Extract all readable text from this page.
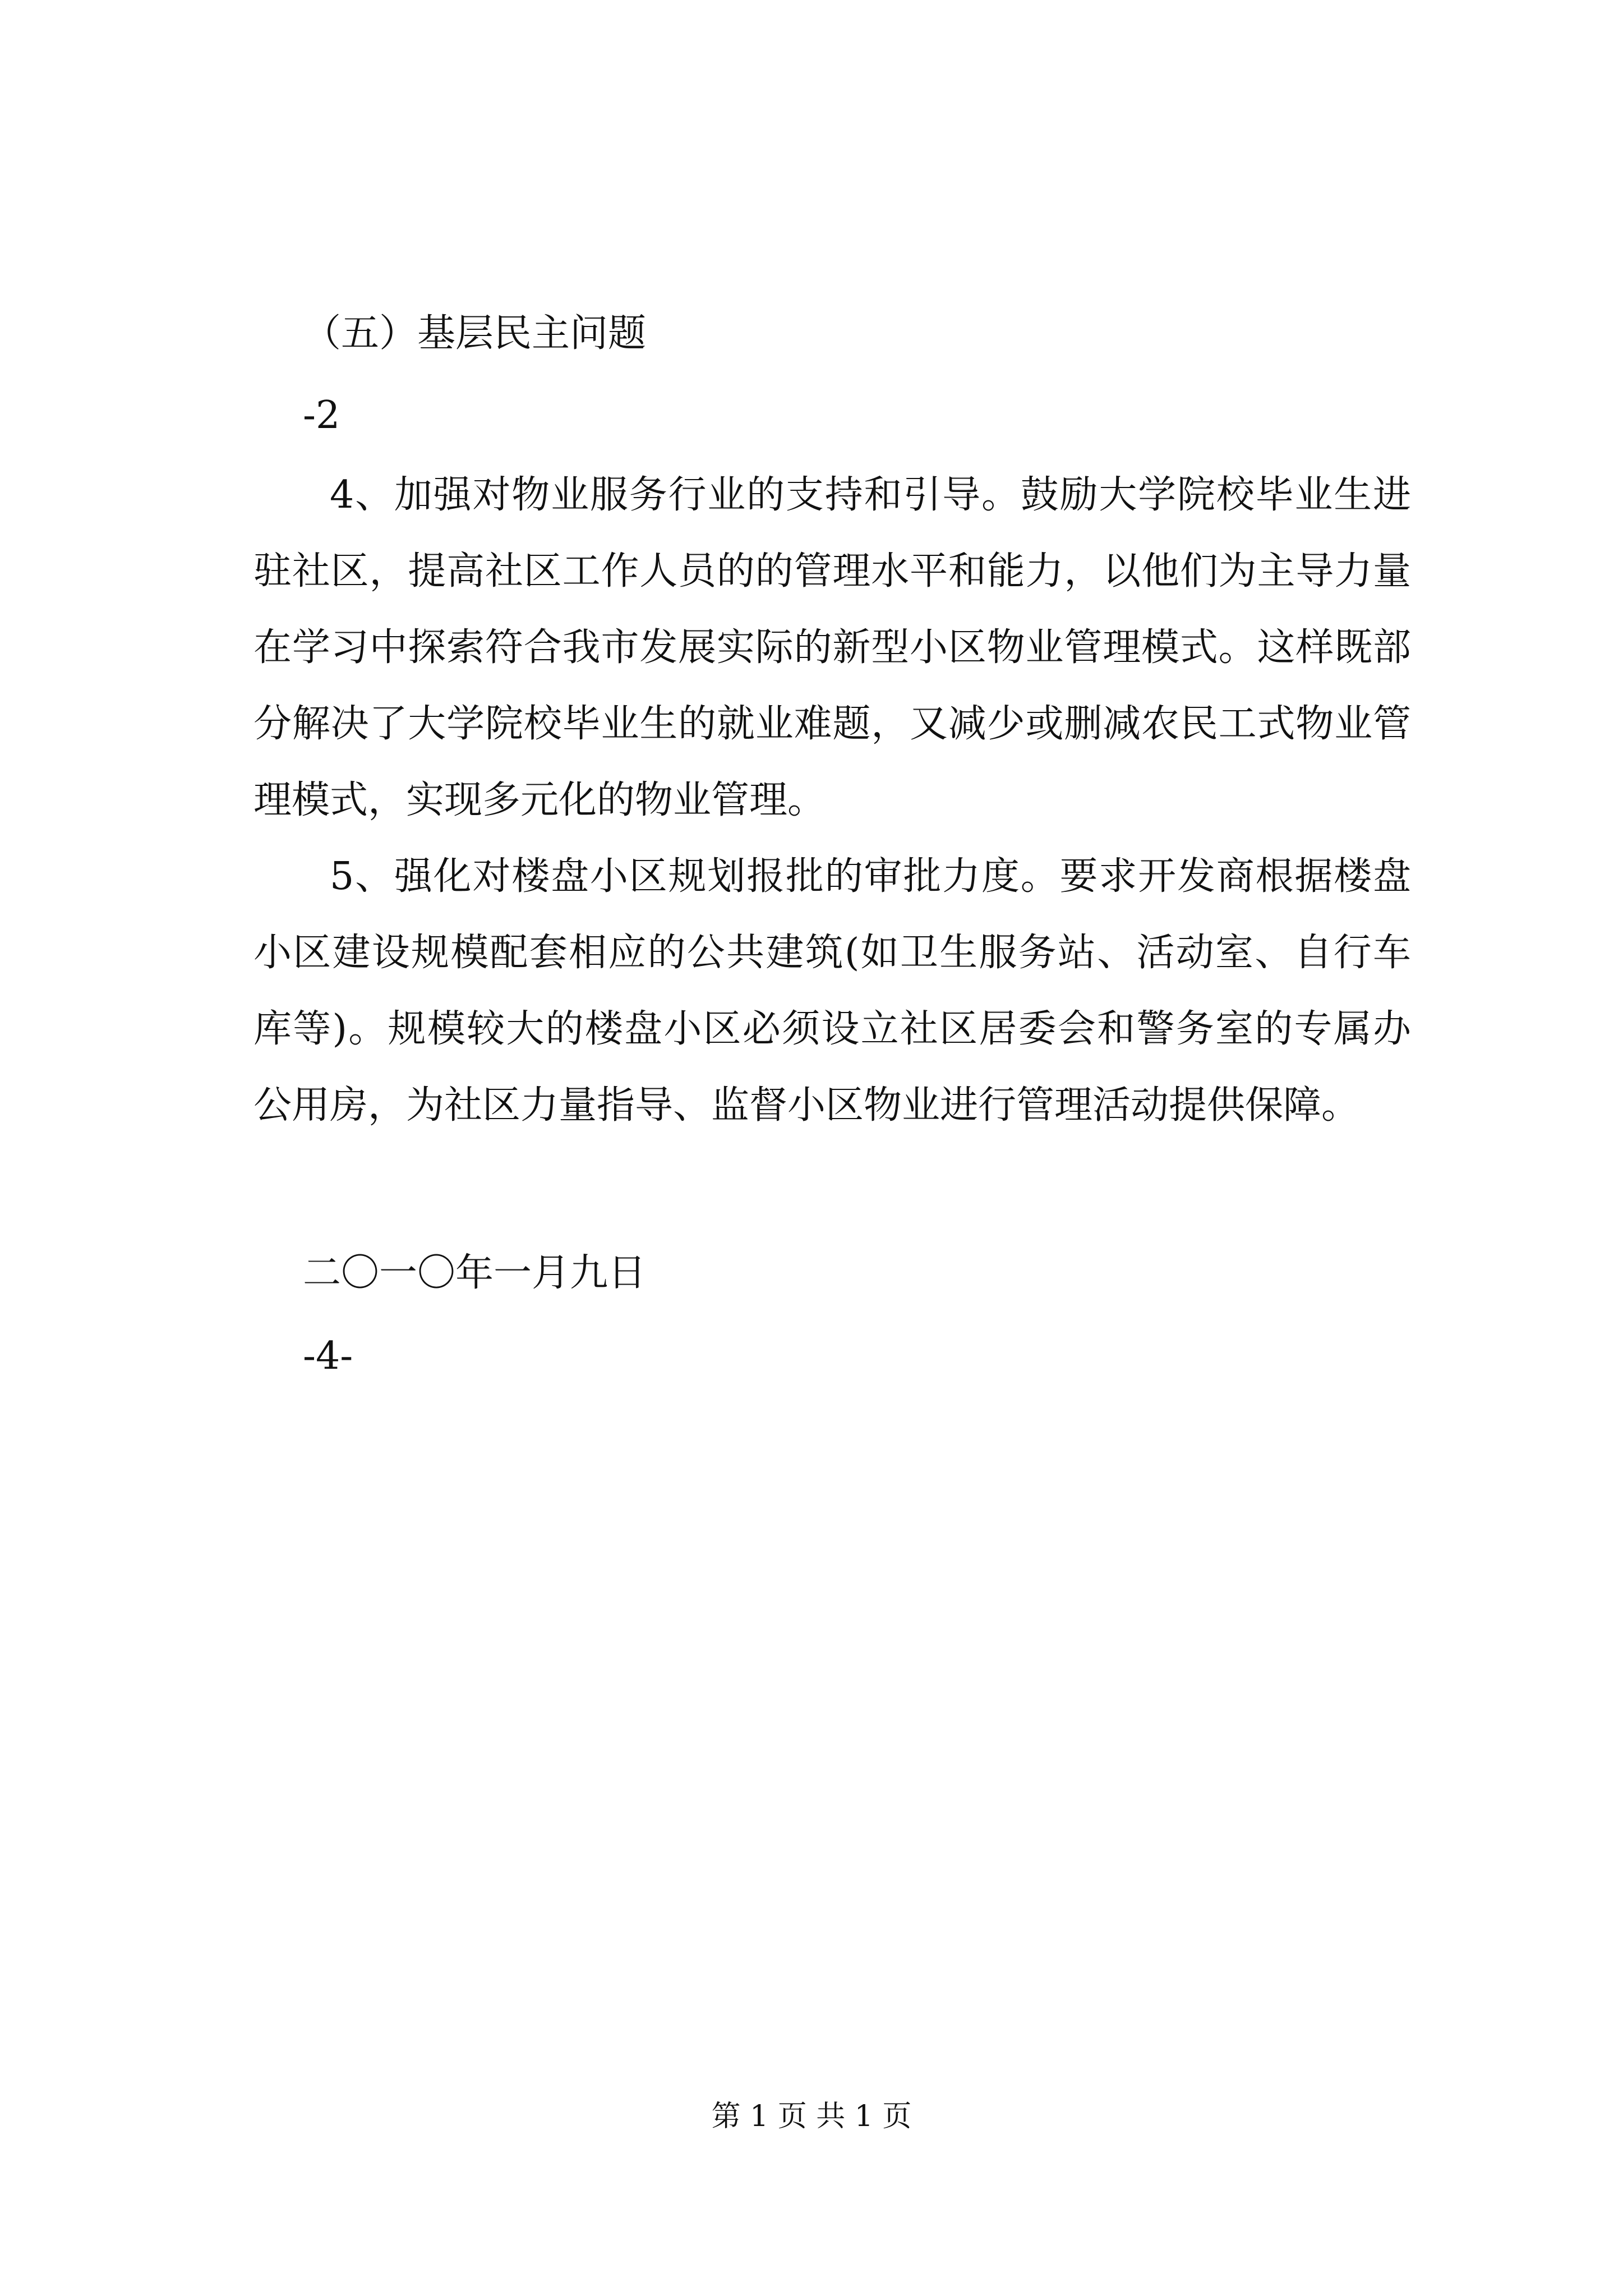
（五）基层民主问题
-2

4、加强对物业服务行业的支持和引导。鼓励大学院校毕业生进驻社区，提高社区工作人员的的管理水平和能力，以他们为主导力量在学习中探索符合我市发展实际的新型小区物业管理模式。这样既部分解决了大学院校毕业生的就业难题，又减少或删减农民工式物业管理模式，实现多元化的物业管理。

5、强化对楼盘小区规划报批的审批力度。要求开发商根据楼盘小区建设规模配套相应的公共建筑(如卫生服务站、活动室、自行车库等)。规模较大的楼盘小区必须设立社区居委会和警务室的专属办公用房，为社区力量指导、监督小区物业进行管理活动提供保障。

二〇一〇年一月九日
-4-
第 1 页 共 1 页
